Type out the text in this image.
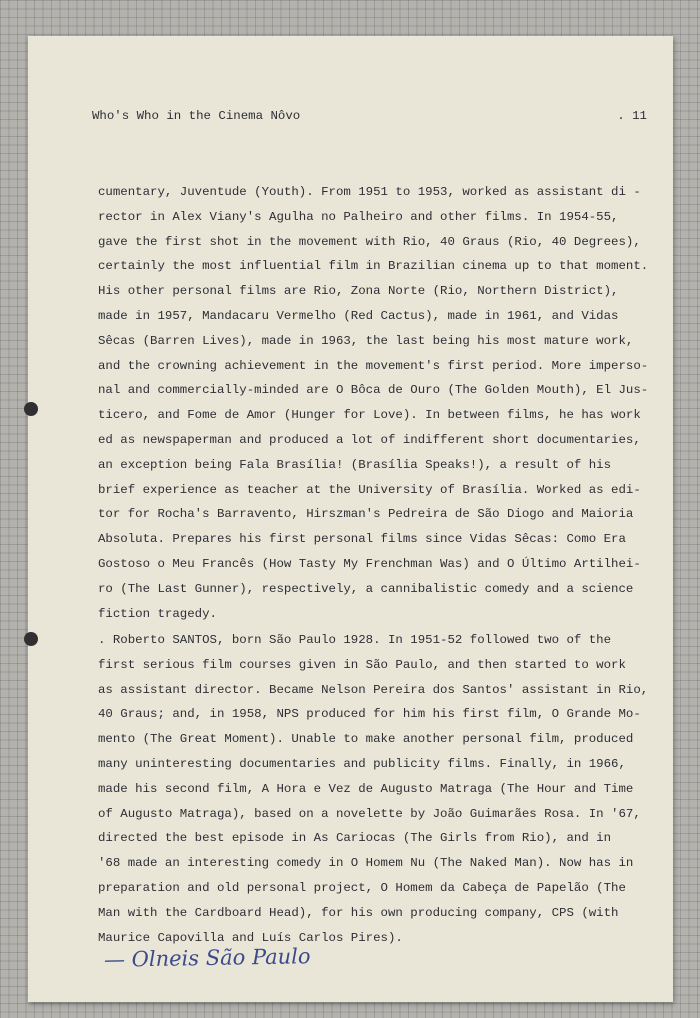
Who's Who in the Cinema Nôvo	. 11
cumentary, Juventude (Youth). From 1951 to 1953, worked as assistant di -
rector in Alex Viany's Agulha no Palheiro and other films. In 1954-55,
gave the first shot in the movement with Rio, 40 Graus (Rio, 40 Degrees),
certainly the most influential film in Brazilian cinema up to that moment.
His other personal films are Rio, Zona Norte (Rio, Northern District),
made in 1957, Mandacaru Vermelho (Red Cactus), made in 1961, and Vidas
Sêcas (Barren Lives), made in 1963, the last being his most mature work,
and the crowning achievement in the movement's first period. More imperso-
nal and commercially-minded are O Bôca de Ouro (The Golden Mouth), El Jus-
ticero, and Fome de Amor (Hunger for Love). In between films, he has work
ed as newspaperman and produced a lot of indifferent short documentaries,
an exception being Fala Brasília! (Brasília Speaks!), a result of his
brief experience as teacher at the University of Brasília. Worked as edi-
tor for Rocha's Barravento, Hirszman's Pedreira de São Diogo and Maioria
Absoluta. Prepares his first personal films since Vidas Sêcas: Como Era
Gostoso o Meu Francês (How Tasty My Frenchman Was) and O Último Artilhei-
ro (The Last Gunner), respectively, a cannibalistic comedy and a science
fiction tragedy.
. Roberto SANTOS, born São Paulo 1928. In 1951-52 followed two of the
first serious film courses given in São Paulo, and then started to work
as assistant director. Became Nelson Pereira dos Santos' assistant in Rio,
40 Graus; and, in 1958, NPS produced for him his first film, O Grande Mo-
mento (The Great Moment). Unable to make another personal film, produced
many uninteresting documentaries and publicity films. Finally, in 1966,
made his second film, A Hora e Vez de Augusto Matraga (The Hour and Time
of Augusto Matraga), based on a novelette by João Guimarães Rosa. In '67,
directed the best episode in As Cariocas (The Girls from Rio), and in
'68 made an interesting comedy in O Homem Nu (The Naked Man). Now has in
preparation and old personal project, O Homem da Cabeça de Papelão (The
Man with the Cardboard Head), for his own producing company, CPS (with
Maurice Capovilla and Luís Carlos Pires).
— Olneis São Paulo
